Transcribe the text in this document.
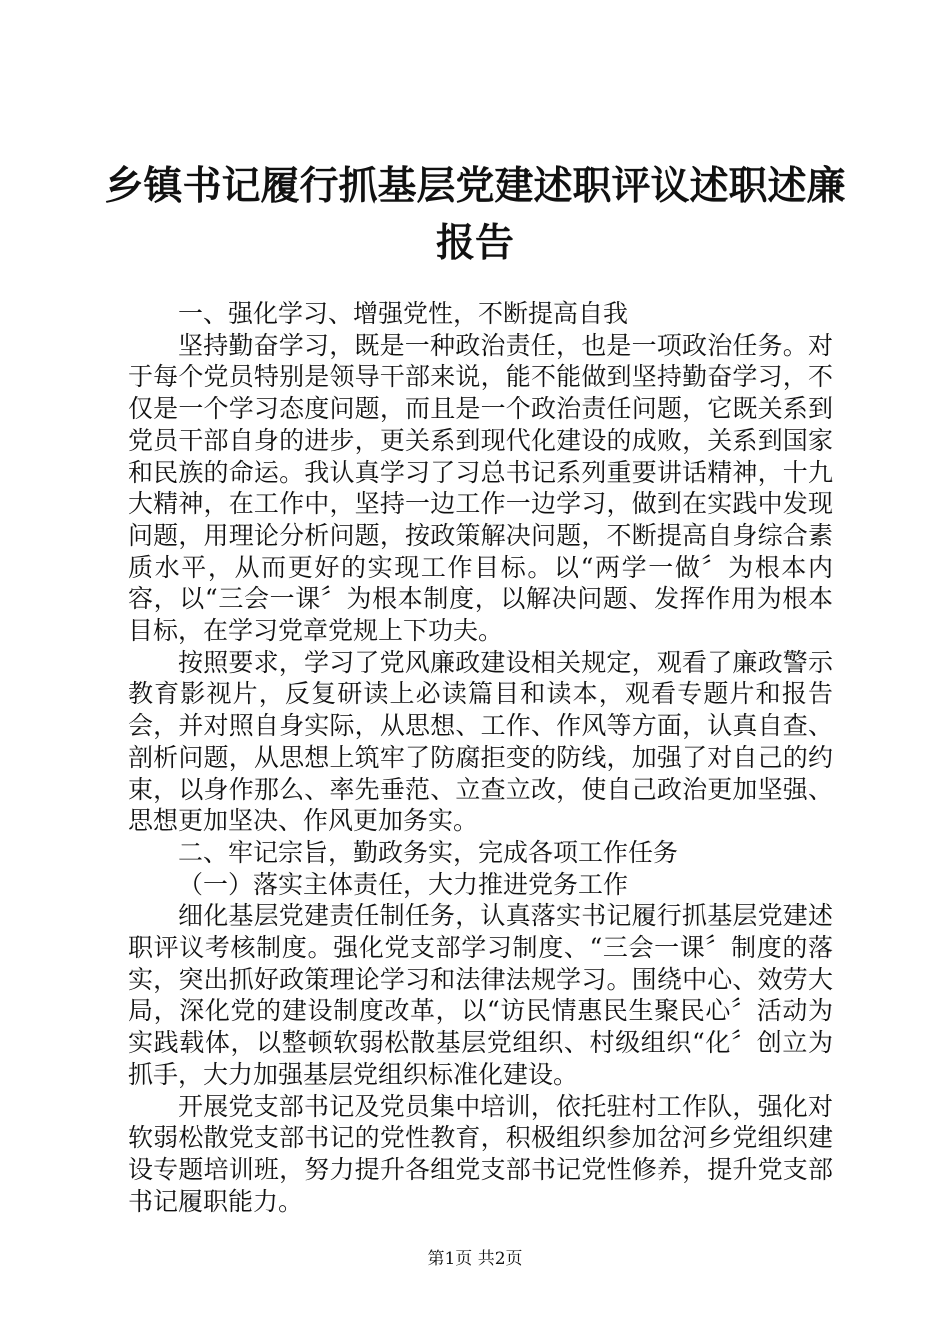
乡镇书记履行抓基层党建述职评议述职述廉报告

一、强化学习、增强党性，不断提高自我

坚持勤奋学习，既是一种政治责任，也是一项政治任务。对于每个党员特别是领导干部来说，能不能做到坚持勤奋学习，不仅是一个学习态度问题，而且是一个政治责任问题，它既关系到党员干部自身的进步，更关系到现代化建设的成败，关系到国家和民族的命运。我认真学习了习总书记系列重要讲话精神，十九大精神，在工作中，坚持一边工作一边学习，做到在实践中发现问题，用理论分析问题，按政策解决问题，不断提高自身综合素质水平，从而更好的实现工作目标。以“两学一做〞为根本内容，以“三会一课〞为根本制度，以解决问题、发挥作用为根本目标，在学习党章党规上下功夫。

按照要求，学习了党风廉政建设相关规定，观看了廉政警示教育影视片，反复研读上必读篇目和读本，观看专题片和报告会，并对照自身实际，从思想、工作、作风等方面，认真自查、剖析问题，从思想上筑牢了防腐拒变的防线，加强了对自己的约束，以身作那么、率先垂范、立查立改，使自己政治更加坚强、思想更加坚决、作风更加务实。

二、牢记宗旨，勤政务实，完成各项工作任务

（一）落实主体责任，大力推进党务工作

细化基层党建责任制任务，认真落实书记履行抓基层党建述职评议考核制度。强化党支部学习制度、“三会一课〞制度的落实，突出抓好政策理论学习和法律法规学习。围绕中心、效劳大局，深化党的建设制度改革，以“访民情惠民生聚民心〞活动为实践载体，以整顿软弱松散基层党组织、村级组织“化〞创立为抓手，大力加强基层党组织标准化建设。

开展党支部书记及党员集中培训，依托驻村工作队，强化对软弱松散党支部书记的党性教育，积极组织参加岔河乡党组织建设专题培训班，努力提升各组党支部书记党性修养，提升党支部书记履职能力。

第1页 共2页
